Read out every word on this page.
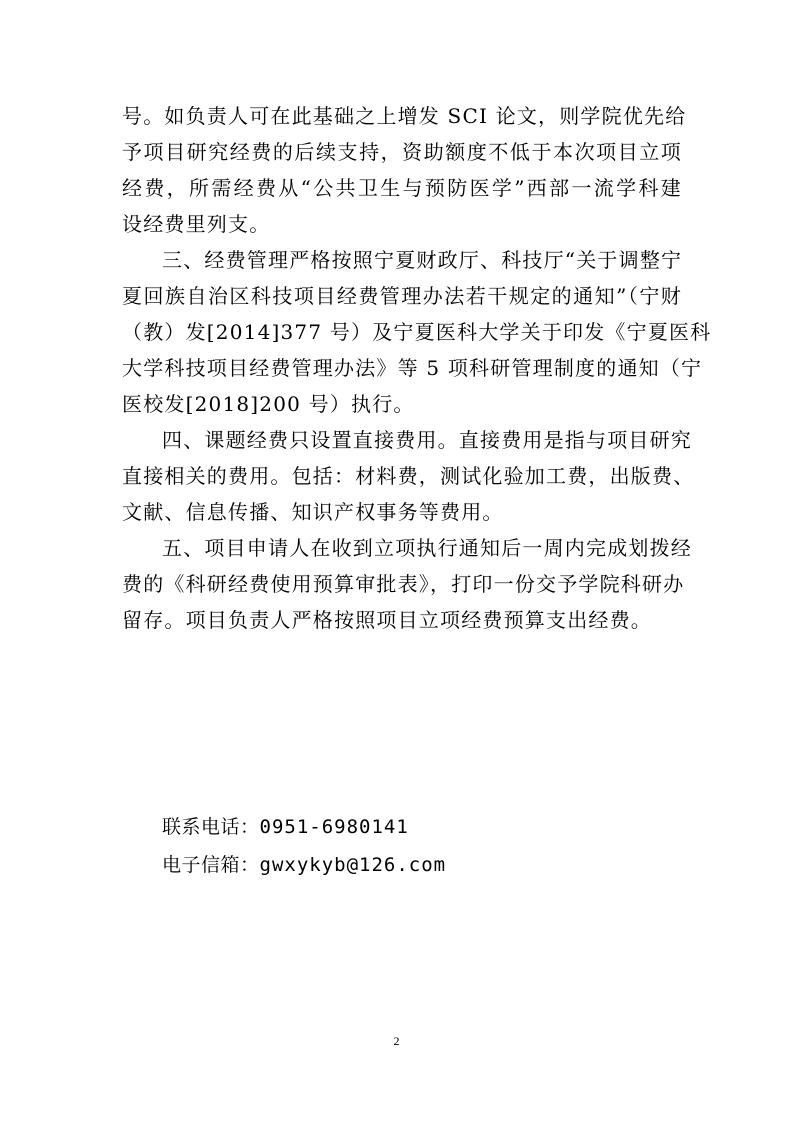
号。如负责人可在此基础之上增发 SCI 论文，则学院优先给
予项目研究经费的后续支持，资助额度不低于本次项目立项
经费，所需经费从“公共卫生与预防医学”西部一流学科建
设经费里列支。
三、经费管理严格按照宁夏财政厅、科技厅“关于调整宁
夏回族自治区科技项目经费管理办法若干规定的通知”（宁财
（教）发[2014]377 号）及宁夏医科大学关于印发《宁夏医科
大学科技项目经费管理办法》等 5 项科研管理制度的通知（宁
医校发[2018]200 号）执行。
四、课题经费只设置直接费用。直接费用是指与项目研究
直接相关的费用。包括：材料费，测试化验加工费，出版费、
文献、信息传播、知识产权事务等费用。
五、项目申请人在收到立项执行通知后一周内完成划拨经
费的《科研经费使用预算审批表》，打印一份交予学院科研办
留存。项目负责人严格按照项目立项经费预算支出经费。
联系电话：0951-6980141
电子信箱：gwxykyb@126.com
2
